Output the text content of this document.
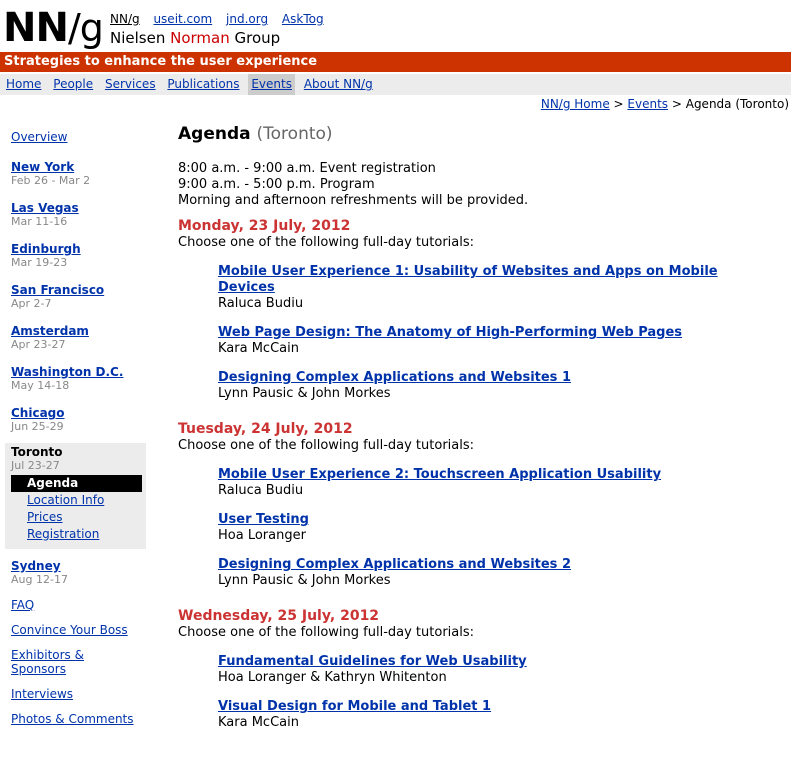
NN/g NN/g useit.com jnd.org AskTog
Nielsen Norman Group
Strategies to enhance the user experience
Home People Services Publications Events About NN/g
NN/g Home > Events > Agenda (Toronto)
Overview
New York
Feb 26 - Mar 2
Las Vegas
Mar 11-16
Edinburgh
Mar 19-23
San Francisco
Apr 2-7
Amsterdam
Apr 23-27
Washington D.C.
May 14-18
Chicago
Jun 25-29
Toronto
Jul 23-27
Agenda
Location Info
Prices
Registration
Sydney
Aug 12-17
FAQ
Convince Your Boss
Exhibitors & Sponsors
Interviews
Photos & Comments
Agenda (Toronto)
8:00 a.m. - 9:00 a.m. Event registration
9:00 a.m. - 5:00 p.m. Program
Morning and afternoon refreshments will be provided.
Monday, 23 July, 2012
Choose one of the following full-day tutorials:
Mobile User Experience 1: Usability of Websites and Apps on Mobile Devices
Raluca Budiu
Web Page Design: The Anatomy of High-Performing Web Pages
Kara McCain
Designing Complex Applications and Websites 1
Lynn Pausic & John Morkes
Tuesday, 24 July, 2012
Choose one of the following full-day tutorials:
Mobile User Experience 2: Touchscreen Application Usability
Raluca Budiu
User Testing
Hoa Loranger
Designing Complex Applications and Websites 2
Lynn Pausic & John Morkes
Wednesday, 25 July, 2012
Choose one of the following full-day tutorials:
Fundamental Guidelines for Web Usability
Hoa Loranger & Kathryn Whitenton
Visual Design for Mobile and Tablet 1
Kara McCain
